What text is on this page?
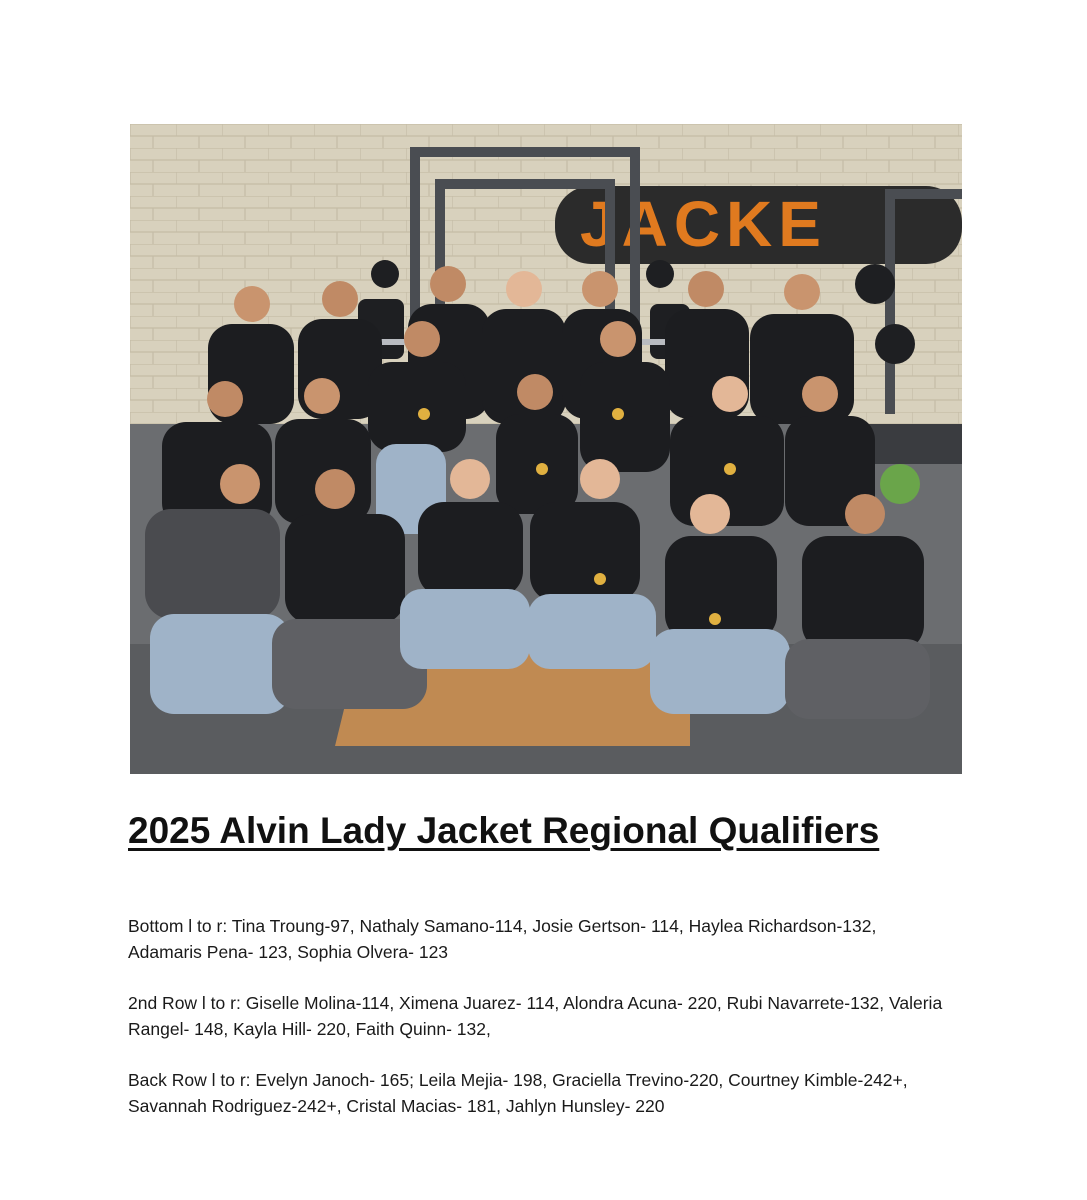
JACKE
2025 Alvin Lady Jacket Regional Qualifiers

Bottom l to r: Tina Troung-97, Nathaly Samano-114, Josie Gertson- 114, Haylea Richardson-132, Adamaris Pena- 123, Sophia Olvera- 123

2nd Row l to r: Giselle Molina-114, Ximena Juarez- 114, Alondra Acuna- 220, Rubi Navarrete-132, Valeria Rangel- 148, Kayla Hill- 220, Faith Quinn- 132,

Back Row l to r: Evelyn Janoch- 165; Leila Mejia- 198, Graciella Trevino-220, Courtney Kimble-242+, Savannah Rodriguez-242+, Cristal Macias- 181, Jahlyn Hunsley- 220
